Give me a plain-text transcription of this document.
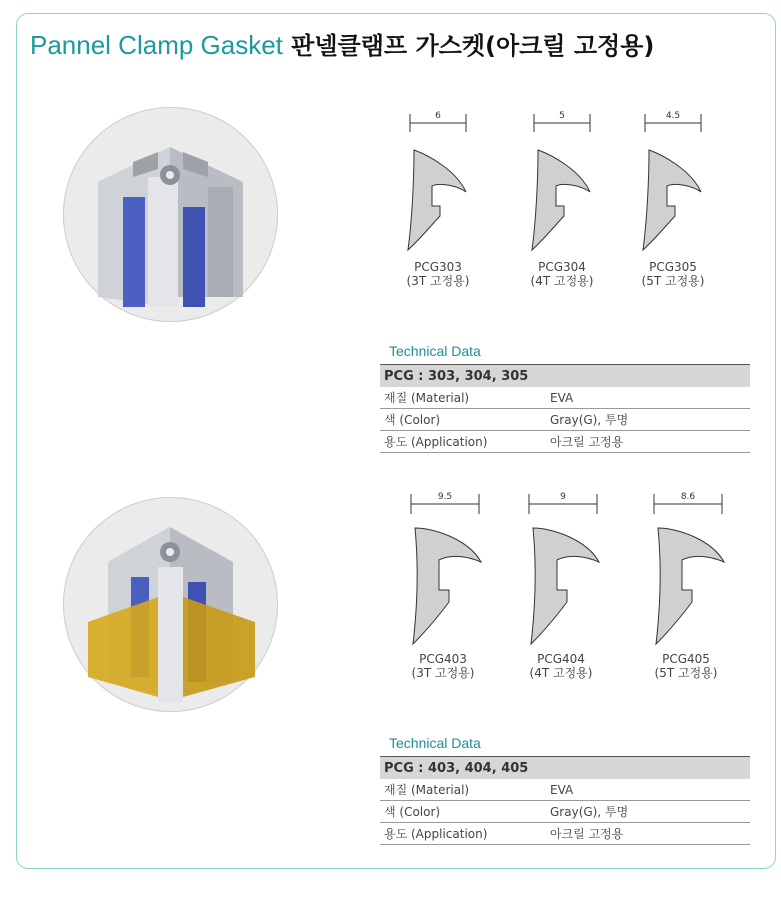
Pannel Clamp Gasket 판넬클램프 가스켓(아크릴 고정용)
6
PCG303
(3T 고정용)
5
PCG304
(4T 고정용)
4.5
PCG305
(5T 고정용)
Technical Data
PCG : 303, 304, 305	
재질 (Material)	EVA
색 (Color)	Gray(G), 투명
용도 (Application)	아크릴 고정용
9.5
PCG403
(3T 고정용)
9
PCG404
(4T 고정용)
8.6
PCG405
(5T 고정용)
Technical Data
PCG : 403, 404, 405	
재질 (Material)	EVA
색 (Color)	Gray(G), 투명
용도 (Application)	아크릴 고정용
